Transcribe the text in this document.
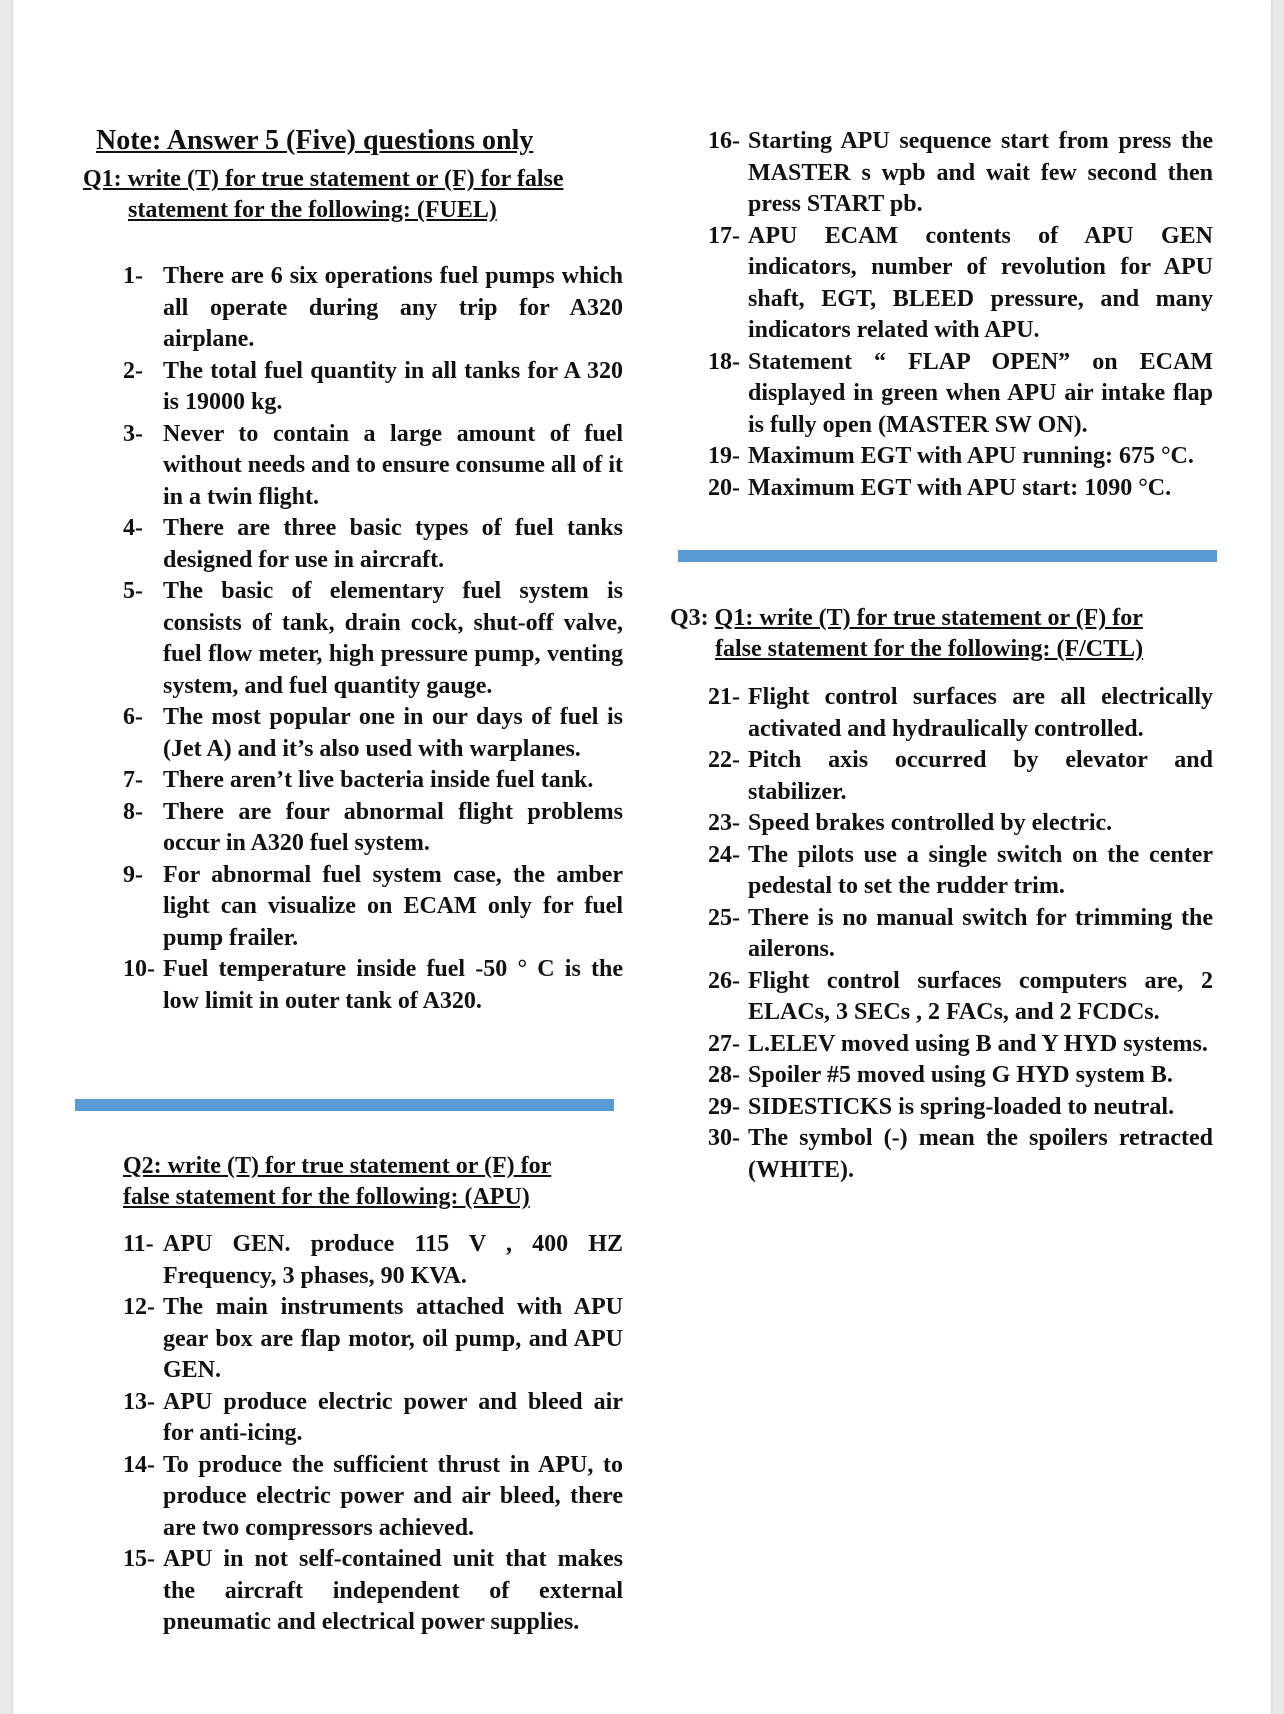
Note: Answer 5 (Five) questions only
Q1: write (T) for true statement or (F) for false
statement for the following: (FUEL)
1- There are 6 six operations fuel pumps which all operate during any trip for A320 airplane.
2- The total fuel quantity in all tanks for A 320 is 19000 kg.
3- Never to contain a large amount of fuel without needs and to ensure consume all of it in a twin flight.
4- There are three basic types of fuel tanks designed for use in aircraft.
5- The basic of elementary fuel system is consists of tank, drain cock, shut-off valve, fuel flow meter, high pressure pump, venting system, and fuel quantity gauge.
6- The most popular one in our days of fuel is (Jet A) and it’s also used with warplanes.
7- There aren’t live bacteria inside fuel tank.
8- There are four abnormal flight problems occur in A320 fuel system.
9- For abnormal fuel system case, the amber light can visualize on ECAM only for fuel pump frailer.
10- Fuel temperature inside fuel -50 ° C is the low limit in outer tank of A320.
Q2: write (T) for true statement or (F) for
false statement for the following: (APU)
11- APU GEN. produce 115 V , 400 HZ Frequency, 3 phases, 90 KVA.
12- The main instruments attached with APU gear box are flap motor, oil pump, and APU GEN.
13- APU produce electric power and bleed air for anti-icing.
14- To produce the sufficient thrust in APU, to produce electric power and air bleed, there are two compressors achieved.
15- APU in not self-contained unit that makes the aircraft independent of external pneumatic and electrical power supplies.
16- Starting APU sequence start from press the MASTER s wpb and wait few second then press START pb.
17- APU ECAM contents of APU GEN indicators, number of revolution for APU shaft, EGT, BLEED pressure, and many indicators related with APU.
18- Statement “ FLAP OPEN” on ECAM displayed in green when APU air intake flap is fully open (MASTER SW ON).
19- Maximum EGT with APU running: 675 °C.
20- Maximum EGT with APU start: 1090 °C.
Q3: Q1: write (T) for true statement or (F) for
false statement for the following: (F/CTL)
21- Flight control surfaces are all electrically activated and hydraulically controlled.
22- Pitch axis occurred by elevator and stabilizer.
23- Speed brakes controlled by electric.
24- The pilots use a single switch on the center pedestal to set the rudder trim.
25- There is no manual switch for trimming the ailerons.
26- Flight control surfaces computers are, 2 ELACs, 3 SECs , 2 FACs, and 2 FCDCs.
27- L.ELEV moved using B and Y HYD systems.
28- Spoiler #5 moved using G HYD system B.
29- SIDESTICKS is spring-loaded to neutral.
30- The symbol (-) mean the spoilers retracted (WHITE).
